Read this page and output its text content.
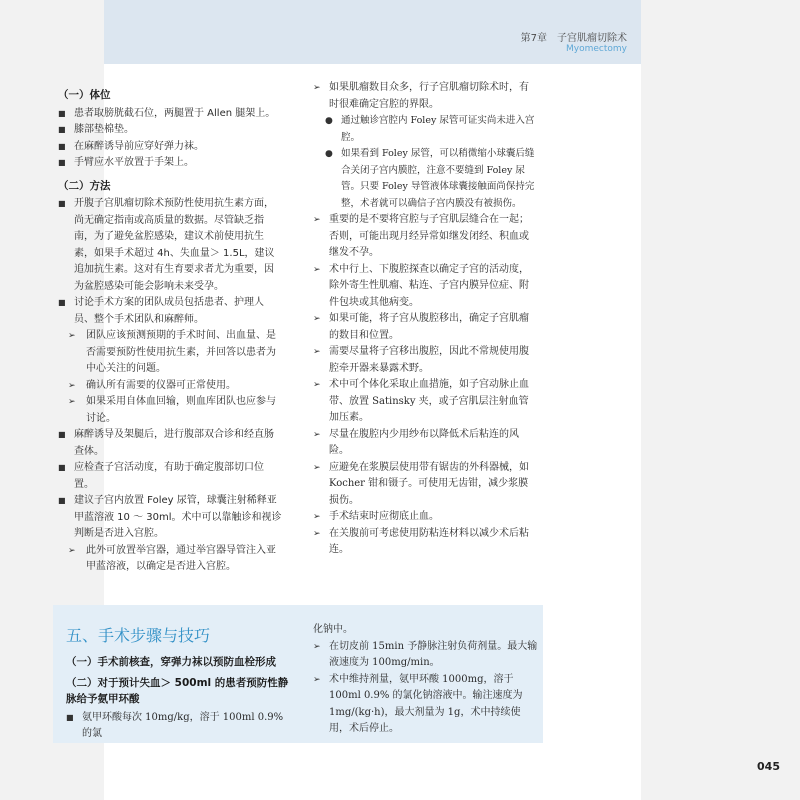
第7章　子宫肌瘤切除术
Myomectomy
（一）体位
■ 患者取膀胱截石位，两腿置于 Allen 腿架上。
■ 膝部垫棉垫。
■ 在麻醉诱导前应穿好弹力袜。
■ 手臂应水平放置于手架上。
（二）方法
■ 开腹子宫肌瘤切除术预防性使用抗生素方面，尚无确定指南或高质量的数据。尽管缺乏指南，为了避免盆腔感染，建议术前使用抗生素，如果手术超过 4h、失血量＞ 1.5L，建议追加抗生素。这对有生育要求者尤为重要，因为盆腔感染可能会影响未来受孕。
■ 讨论手术方案的团队成员包括患者、护理人员、整个手术团队和麻醉师。
➢ 团队应该预测预期的手术时间、出血量、是否需要预防性使用抗生素，并回答以患者为中心关注的问题。
➢ 确认所有需要的仪器可正常使用。
➢ 如果采用自体血回输，则血库团队也应参与讨论。
■ 麻醉诱导及架腿后，进行腹部双合诊和经直肠查体。
■ 应检查子宫活动度，有助于确定腹部切口位置。
■ 建议子宫内放置 Foley 尿管，球囊注射稀释亚甲蓝溶液 10 ～ 30ml。术中可以靠触诊和视诊判断是否进入宫腔。
➢ 此外可放置举宫器，通过举宫器导管注入亚甲蓝溶液，以确定是否进入宫腔。
➢ 如果肌瘤数目众多，行子宫肌瘤切除术时，有时很难确定宫腔的界限。
● 通过触诊宫腔内 Foley 尿管可证实尚未进入宫腔。
● 如果看到 Foley 尿管，可以稍微缩小球囊后缝合关闭子宫内膜腔，注意不要缝到 Foley 尿管。只要 Foley 导管液体球囊接触面尚保持完整，术者就可以确信子宫内膜没有被损伤。
➢ 重要的是不要将宫腔与子宫肌层缝合在一起；否则，可能出现月经异常如继发闭经、积血或继发不孕。
➢ 术中行上、下腹腔探查以确定子宫的活动度，除外寄生性肌瘤、粘连、子宫内膜异位症、附件包块或其他病变。
➢ 如果可能，将子宫从腹腔移出，确定子宫肌瘤的数目和位置。
➢ 需要尽量将子宫移出腹腔，因此不常规使用腹腔牵开器来暴露术野。
➢ 术中可个体化采取止血措施，如子宫动脉止血带、放置 Satinsky 夹，或子宫肌层注射血管加压素。
➢ 尽量在腹腔内少用纱布以降低术后粘连的风险。
➢ 应避免在浆膜层使用带有锯齿的外科器械，如 Kocher 钳和镊子。可使用无齿钳，减少浆膜损伤。
➢ 手术结束时应彻底止血。
➢ 在关腹前可考虑使用防粘连材料以减少术后粘连。
五、手术步骤与技巧
（一）手术前核查，穿弹力袜以预防血栓形成
（二）对于预计失血＞ 500ml 的患者预防性静脉给予氨甲环酸
■ 氨甲环酸每次 10mg/kg，溶于 100ml 0.9% 的氯
化钠中。
➢ 在切皮前 15min 予静脉注射负荷剂量。最大输液速度为 100mg/min。
➢ 术中维持剂量，氨甲环酸 1000mg，溶于 100ml 0.9% 的氯化钠溶液中。输注速度为 1mg/(kg·h)，最大剂量为 1g，术中持续使用，术后停止。
045
